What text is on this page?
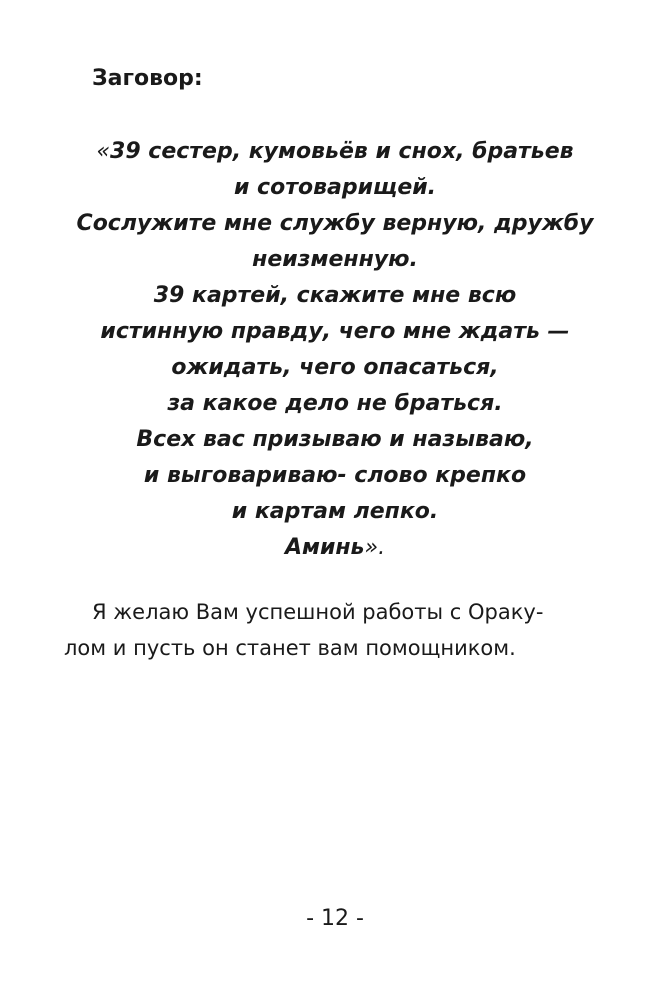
Заговор:

«39 сестер, кумовьёв и снох, братьев
и сотоварищей.
Сослужите мне службу верную, дружбу
неизменную.
39 картей, скажите мне всю
истинную правду, чего мне ждать —
ожидать, чего опасаться,
за какое дело не браться.
Всех вас призываю и называю,
и выговариваю- слово крепко
и картам лепко.
Аминь».

Я желаю Вам успешной работы с Ораку-
лом и пусть он станет вам помощником.

- 12 -
